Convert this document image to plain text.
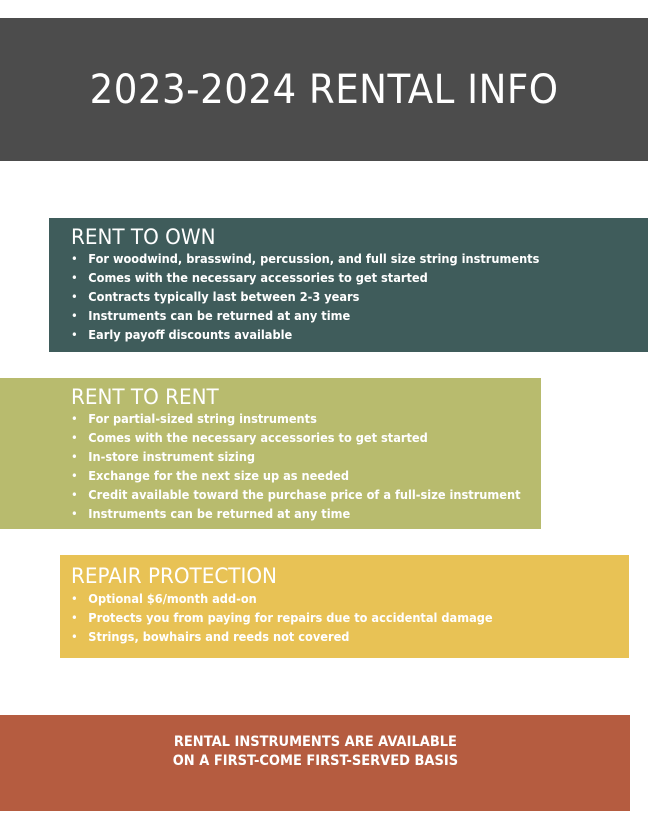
2023-2024 RENTAL INFO
RENT TO OWN
• For woodwind, brasswind, percussion, and full size string instruments
• Comes with the necessary accessories to get started
• Contracts typically last between 2-3 years
• Instruments can be returned at any time
• Early payoff discounts available
RENT TO RENT
• For partial-sized string instruments
• Comes with the necessary accessories to get started
• In-store instrument sizing
• Exchange for the next size up as needed
• Credit available toward the purchase price of a full-size instrument
• Instruments can be returned at any time
REPAIR PROTECTION
• Optional $6/month add-on
• Protects you from paying for repairs due to accidental damage
• Strings, bowhairs and reeds not covered

RENTAL INSTRUMENTS ARE AVAILABLE
ON A FIRST-COME FIRST-SERVED BASIS
